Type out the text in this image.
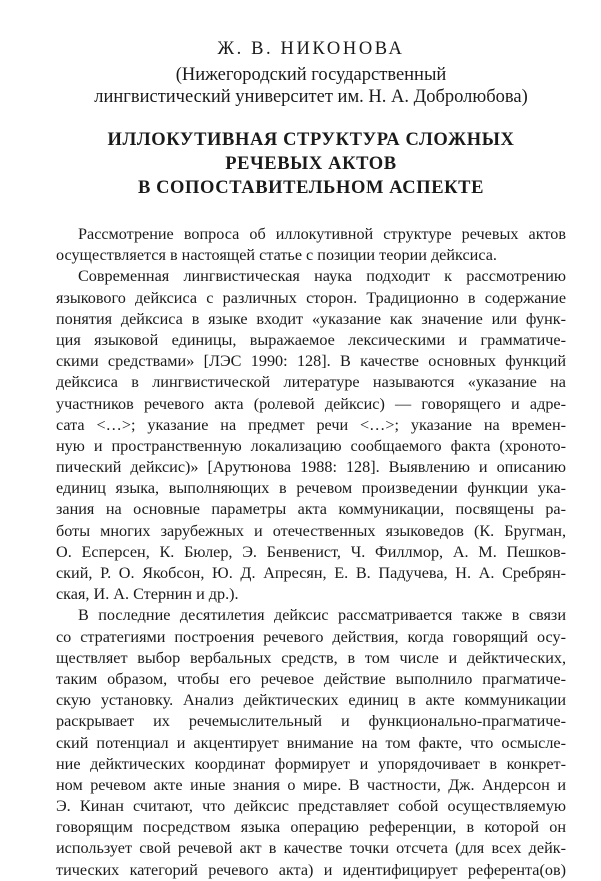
Ж. В. НИКОНОВА
(Нижегородский государственный
лингвистический университет им. Н. А. Добролюбова)
ИЛЛОКУТИВНАЯ СТРУКТУРА СЛОЖНЫХ
РЕЧЕВЫХ АКТОВ
В СОПОСТАВИТЕЛЬНОМ АСПЕКТЕ
Рассмотрение вопроса об иллокутивной структуре речевых актов
осуществляется в настоящей статье с позиции теории дейксиса.
Современная лингвистическая наука подходит к рассмотрению
языкового дейксиса с различных сторон. Традиционно в содержание
понятия дейксиса в языке входит «указание как значение или функ-
ция языковой единицы, выражаемое лексическими и грамматиче-
скими средствами» [ЛЭС 1990: 128]. В качестве основных функций
дейксиса в лингвистической литературе называются «указание на
участников речевого акта (ролевой дейксис) — говорящего и адре-
сата <…>; указание на предмет речи <…>; указание на времен-
ную и пространственную локализацию сообщаемого факта (хроното-
пический дейксис)» [Арутюнова 1988: 128]. Выявлению и описанию
единиц языка, выполняющих в речевом произведении функции ука-
зания на основные параметры акта коммуникации, посвящены ра-
боты многих зарубежных и отечественных языковедов (К. Бругман,
О. Есперсен, К. Бюлер, Э. Бенвенист, Ч. Филлмор, А. М. Пешков-
ский, Р. О. Якобсон, Ю. Д. Апресян, Е. В. Падучева, Н. А. Сребрян-
ская, И. А. Стернин и др.).
В последние десятилетия дейксис рассматривается также в связи
со стратегиями построения речевого действия, когда говорящий осу-
ществляет выбор вербальных средств, в том числе и дейктических,
таким образом, чтобы его речевое действие выполнило прагматиче-
скую установку. Анализ дейктических единиц в акте коммуникации
раскрывает их речемыслительный и функционально-прагматиче-
ский потенциал и акцентирует внимание на том факте, что осмысле-
ние дейктических координат формирует и упорядочивает в конкрет-
ном речевом акте иные знания о мире. В частности, Дж. Андерсон и
Э. Кинан считают, что дейксис представляет собой осуществляемую
говорящим посредством языка операцию референции, в которой он
использует свой речевой акт в качестве точки отсчета (для всех дейк-
тических категорий речевого акта) и идентифицирует референта(ов)
